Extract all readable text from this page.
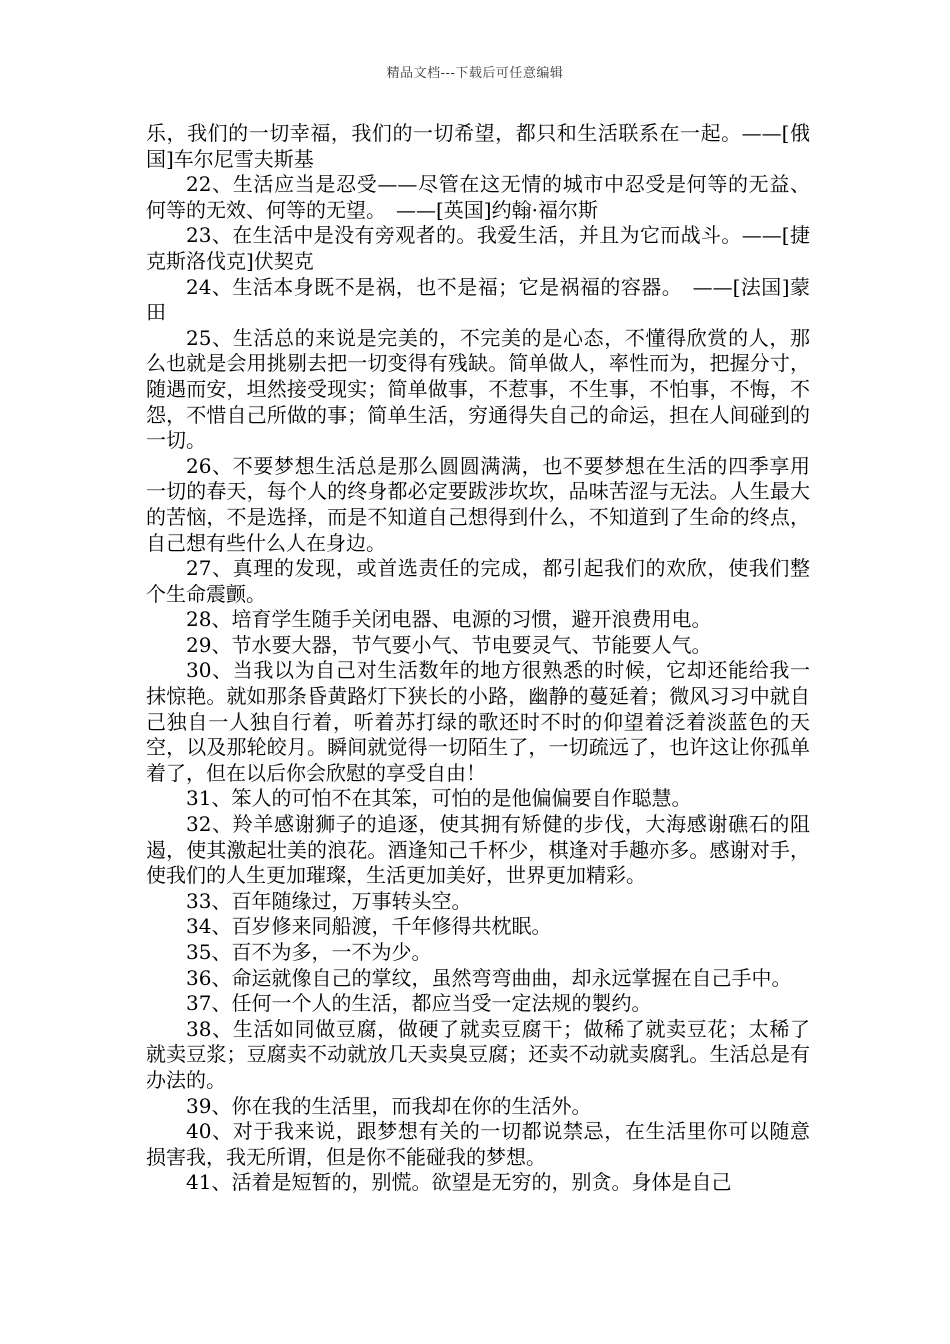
精品文档---下载后可任意编辑

乐，我们的一切幸福，我们的一切希望，都只和生活联系在一起。——[俄国]车尔尼雪夫斯基

22、生活应当是忍受——尽管在这无情的城市中忍受是何等的无益、何等的无效、何等的无望。　——[英国]约翰·福尔斯

23、在生活中是没有旁观者的。我爱生活，并且为它而战斗。——[捷克斯洛伐克]伏契克

24、生活本身既不是祸，也不是福；它是祸福的容器。　——[法国]蒙田

25、生活总的来说是完美的，不完美的是心态，不懂得欣赏的人，那么也就是会用挑剔去把一切变得有残缺。简单做人，率性而为，把握分寸，随遇而安，坦然接受现实；简单做事，不惹事，不生事，不怕事，不悔，不怨，不惜自己所做的事；简单生活，穷通得失自己的命运，担在人间碰到的一切。

26、不要梦想生活总是那么圆圆满满，也不要梦想在生活的四季享用一切的春天，每个人的终身都必定要跋涉坎坎，品味苦涩与无法。人生最大的苦恼，不是选择，而是不知道自己想得到什么，不知道到了生命的终点，自己想有些什么人在身边。

27、真理的发现，或首选责任的完成，都引起我们的欢欣，使我们整个生命震颤。

28、培育学生随手关闭电器、电源的习惯，避开浪费用电。

29、节水要大器，节气要小气、节电要灵气、节能要人气。

30、当我以为自己对生活数年的地方很熟悉的时候，它却还能给我一抹惊艳。就如那条昏黄路灯下狭长的小路，幽静的蔓延着；微风习习中就自己独自一人独自行着，听着苏打绿的歌还时不时的仰望着泛着淡蓝色的天空，以及那轮皎月。瞬间就觉得一切陌生了，一切疏远了，也许这让你孤单着了，但在以后你会欣慰的享受自由！

31、笨人的可怕不在其笨，可怕的是他偏偏要自作聪慧。

32、羚羊感谢狮子的追逐，使其拥有矫健的步伐，大海感谢礁石的阻遏，使其激起壮美的浪花。酒逢知己千杯少，棋逢对手趣亦多。感谢对手，使我们的人生更加璀璨，生活更加美好，世界更加精彩。

33、百年随缘过，万事转头空。

34、百岁修来同船渡，千年修得共枕眠。

35、百不为多，一不为少。

36、命运就像自己的掌纹，虽然弯弯曲曲，却永远掌握在自己手中。

37、任何一个人的生活，都应当受一定法规的製约。

38、生活如同做豆腐，做硬了就卖豆腐干；做稀了就卖豆花；太稀了就卖豆浆；豆腐卖不动就放几天卖臭豆腐；还卖不动就卖腐乳。生活总是有办法的。

39、你在我的生活里，而我却在你的生活外。

40、对于我来说，跟梦想有关的一切都说禁忌，在生活里你可以随意损害我，我无所谓，但是你不能碰我的梦想。

41、活着是短暂的，别慌。欲望是无穷的，别贪。身体是自己
